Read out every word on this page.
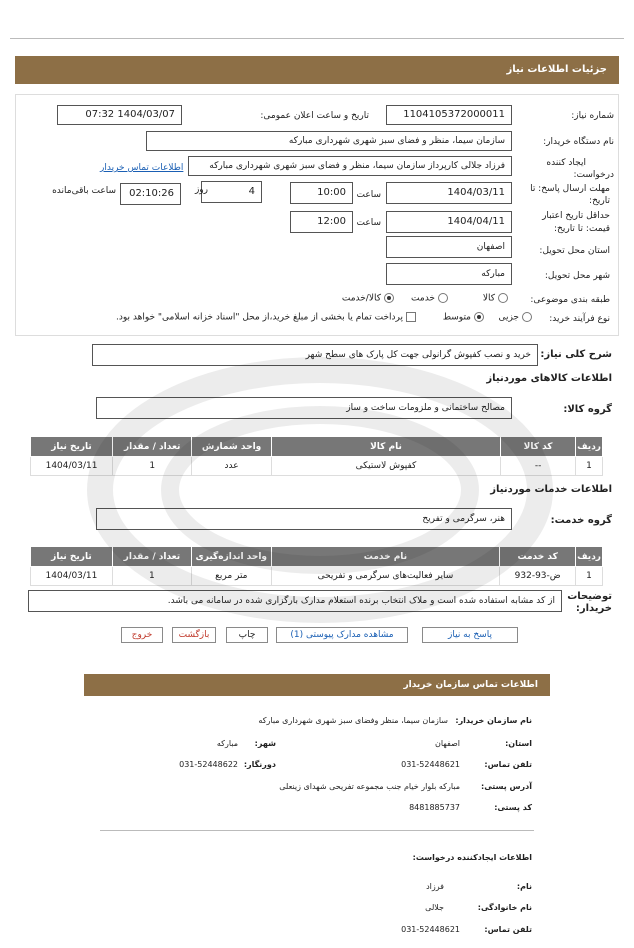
جزئیات اطلاعات نیاز
شماره نیاز:
1104105372000011
تاریخ و ساعت اعلان عمومی:
1404/03/07 07:32
نام دستگاه خریدار:
سازمان سیما، منظر و فضای سبز شهری شهرداری مبارکه
ایجاد کننده
درخواست:
فرزاد جلالی کارپرداز سازمان سیما، منظر و فضای سبز شهری شهرداری مبارکه
اطلاعات تماس خریدار
مهلت ارسال پاسخ: تا
تاریخ:
1404/03/11
ساعت
10:00
4
روز
02:10:26
ساعت باقی‌مانده
حداقل تاریخ اعتبار
قیمت: تا تاریخ:
1404/04/11
ساعت
12:00
استان محل تحویل:
اصفهان
شهر محل تحویل:
مبارکه
طبقه بندی موضوعی:
کالا
خدمت
کالا/خدمت
نوع فرآیند خرید:
جزیی
متوسط
پرداخت تمام یا بخشی از مبلغ خرید،از محل "اسناد خزانه اسلامی" خواهد بود.
شرح کلی نیاز:
خرید و نصب کفپوش گرانولی جهت کل پارک های سطح شهر
اطلاعات کالاهای موردنیاز
گروه کالا:
مصالح ساختمانی و ملزومات ساخت و ساز
ردیف	کد کالا	نام کالا	واحد شمارش	تعداد / مقدار	تاریخ نیاز
1	--	کفپوش لاستیکی	عدد	1	1404/03/11
اطلاعات خدمات موردنیاز
گروه خدمت:
هنر، سرگرمی و تفریح
ردیف	کد خدمت	نام خدمت	واحد اندازه‌گیری	تعداد / مقدار	تاریخ نیاز
1	ض-93-932	سایر فعالیت‌های سرگرمی و تفریحی	متر مربع	1	1404/03/11
توضیحات
خریدار:
از کد مشابه استفاده شده است و ملاک انتخاب برنده استعلام مدارک بارگزاری شده در سامانه می باشد.
پاسخ به نیاز
مشاهده مدارک پیوستی (1)
چاپ
بازگشت
خروج
اطلاعات تماس سازمان خریدار
نام سازمان خریدار:
سازمان سیما، منظر وفضای سبز شهری شهرداری مبارکه
استان:
اصفهان
شهر:
مبارکه
تلفن تماس:
031-52448621
دورنگار:
031-52448622
آدرس پستی:
مبارکه بلوار خیام جنب مجموعه تفریحی شهدای زینعلی
کد پستی:
8481885737
اطلاعات ایجادکننده درخواست:
نام:
فرزاد
نام خانوادگی:
جلالی
تلفن تماس:
031-52448621
